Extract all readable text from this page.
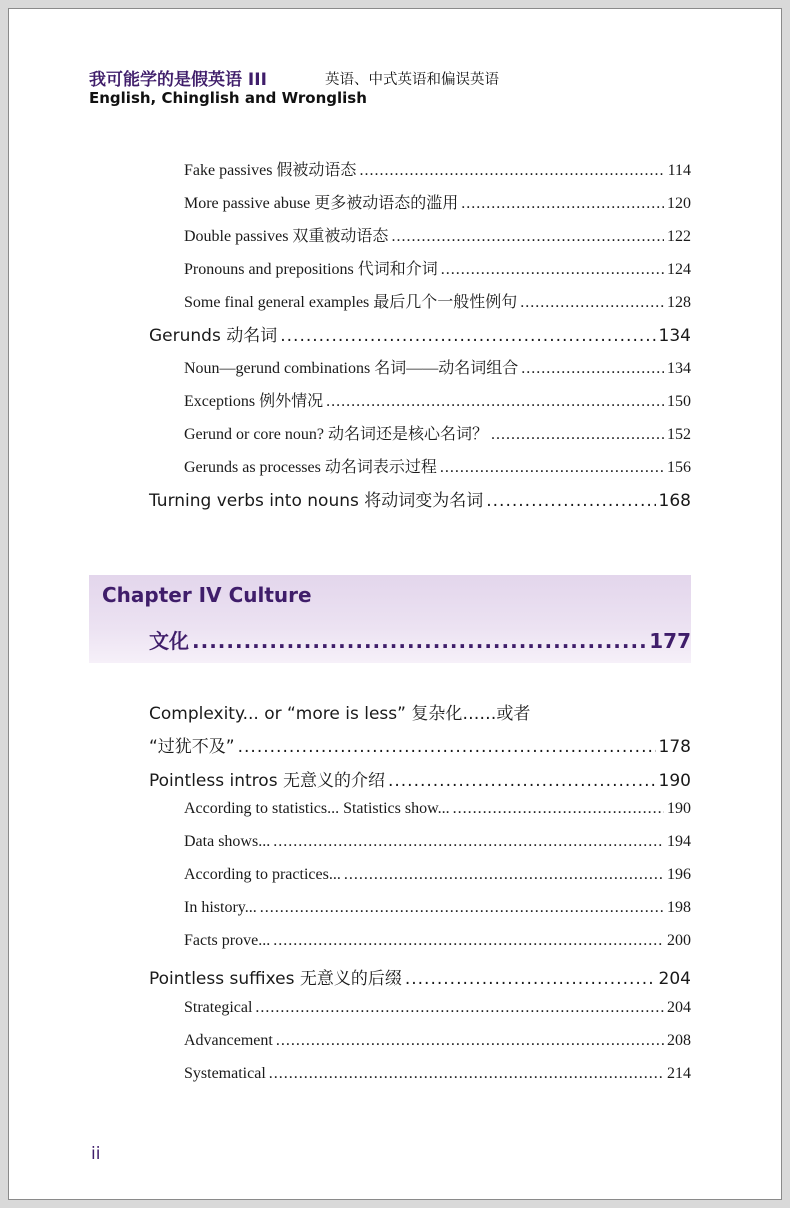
我可能学的是假英语 III	英语、中式英语和偏误英语
English, Chinglish and Wronglish
Fake passives 假被动语态 .....	114
More passive abuse 更多被动语态的滥用 .....	120
Double passives 双重被动语态 .....	122
Pronouns and prepositions 代词和介词 .....	124
Some final general examples 最后几个一般性例句 .....	128
Gerunds 动名词 .....	134
Noun—gerund combinations 名词——动名词组合 .....	134
Exceptions 例外情况 .....	150
Gerund or core noun? 动名词还是核心名词？ .....	152
Gerunds as processes 动名词表示过程 .....	156
Turning verbs into nouns 将动词变为名词 .....	168
Chapter IV Culture
文化 .....	177
Complexity... or “more is less” 复杂化……或者
“过犹不及” .....	178
Pointless intros 无意义的介绍 .....	190
According to statistics... Statistics show... .....	190
Data shows... .....	194
According to practices... .....	196
In history... .....	198
Facts prove... .....	200
Pointless suffixes 无意义的后缀 .....	204
Strategical .....	204
Advancement .....	208
Systematical .....	214
ii
